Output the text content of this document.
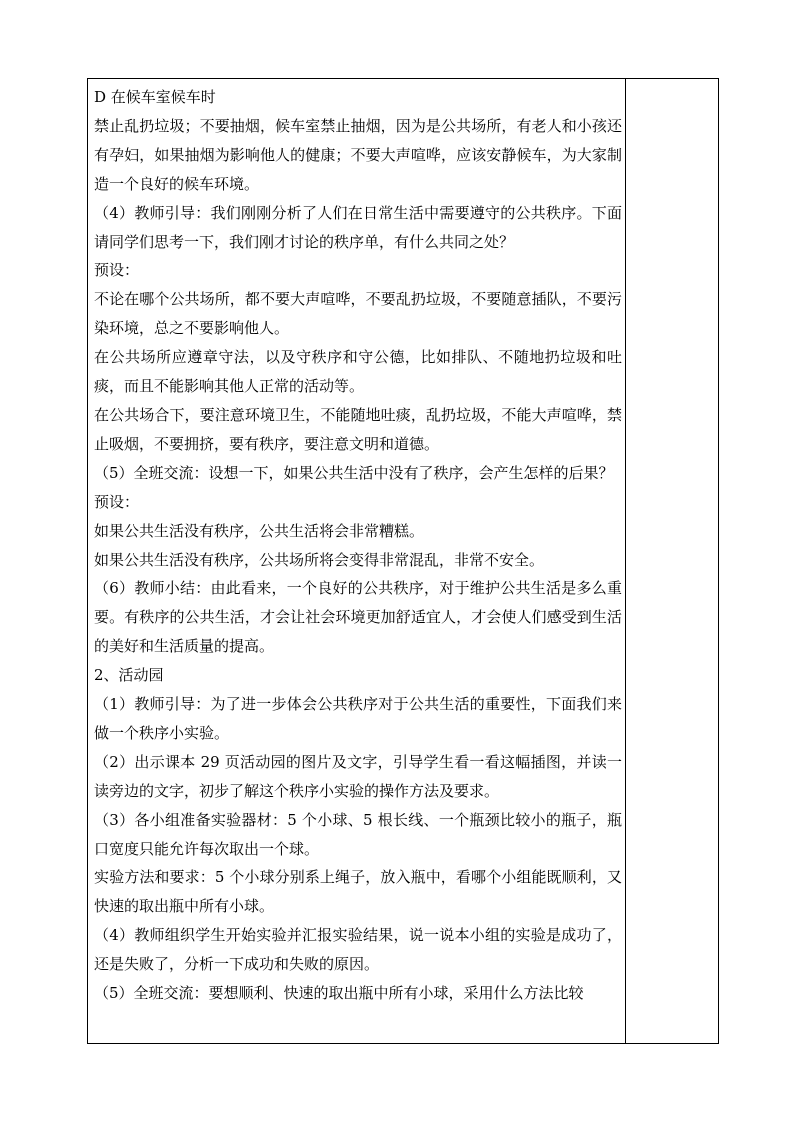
D 在候车室候车时

禁止乱扔垃圾；不要抽烟，候车室禁止抽烟，因为是公共场所，有老人和小孩还有孕妇，如果抽烟为影响他人的健康；不要大声喧哗，应该安静候车，为大家制造一个良好的候车环境。

（4）教师引导：我们刚刚分析了人们在日常生活中需要遵守的公共秩序。下面请同学们思考一下，我们刚才讨论的秩序单，有什么共同之处？

预设：

不论在哪个公共场所，都不要大声喧哗，不要乱扔垃圾，不要随意插队，不要污染环境，总之不要影响他人。

在公共场所应遵章守法，以及守秩序和守公德，比如排队、不随地扔垃圾和吐痰，而且不能影响其他人正常的活动等。

在公共场合下，要注意环境卫生，不能随地吐痰，乱扔垃圾，不能大声喧哗，禁止吸烟，不要拥挤，要有秩序，要注意文明和道德。

（5）全班交流：设想一下，如果公共生活中没有了秩序，会产生怎样的后果？

预设：

如果公共生活没有秩序，公共生活将会非常糟糕。

如果公共生活没有秩序，公共场所将会变得非常混乱，非常不安全。

（6）教师小结：由此看来，一个良好的公共秩序，对于维护公共生活是多么重要。有秩序的公共生活，才会让社会环境更加舒适宜人，才会使人们感受到生活的美好和生活质量的提高。

2、活动园

（1）教师引导：为了进一步体会公共秩序对于公共生活的重要性，下面我们来做一个秩序小实验。

（2）出示课本 29 页活动园的图片及文字，引导学生看一看这幅插图，并读一读旁边的文字，初步了解这个秩序小实验的操作方法及要求。

（3）各小组准备实验器材：5 个小球、5 根长线、一个瓶颈比较小的瓶子，瓶口宽度只能允许每次取出一个球。

实验方法和要求：5 个小球分别系上绳子，放入瓶中，看哪个小组能既顺利，又快速的取出瓶中所有小球。

（4）教师组织学生开始实验并汇报实验结果，说一说本小组的实验是成功了，还是失败了，分析一下成功和失败的原因。

（5）全班交流：要想顺利、快速的取出瓶中所有小球，采用什么方法比较
